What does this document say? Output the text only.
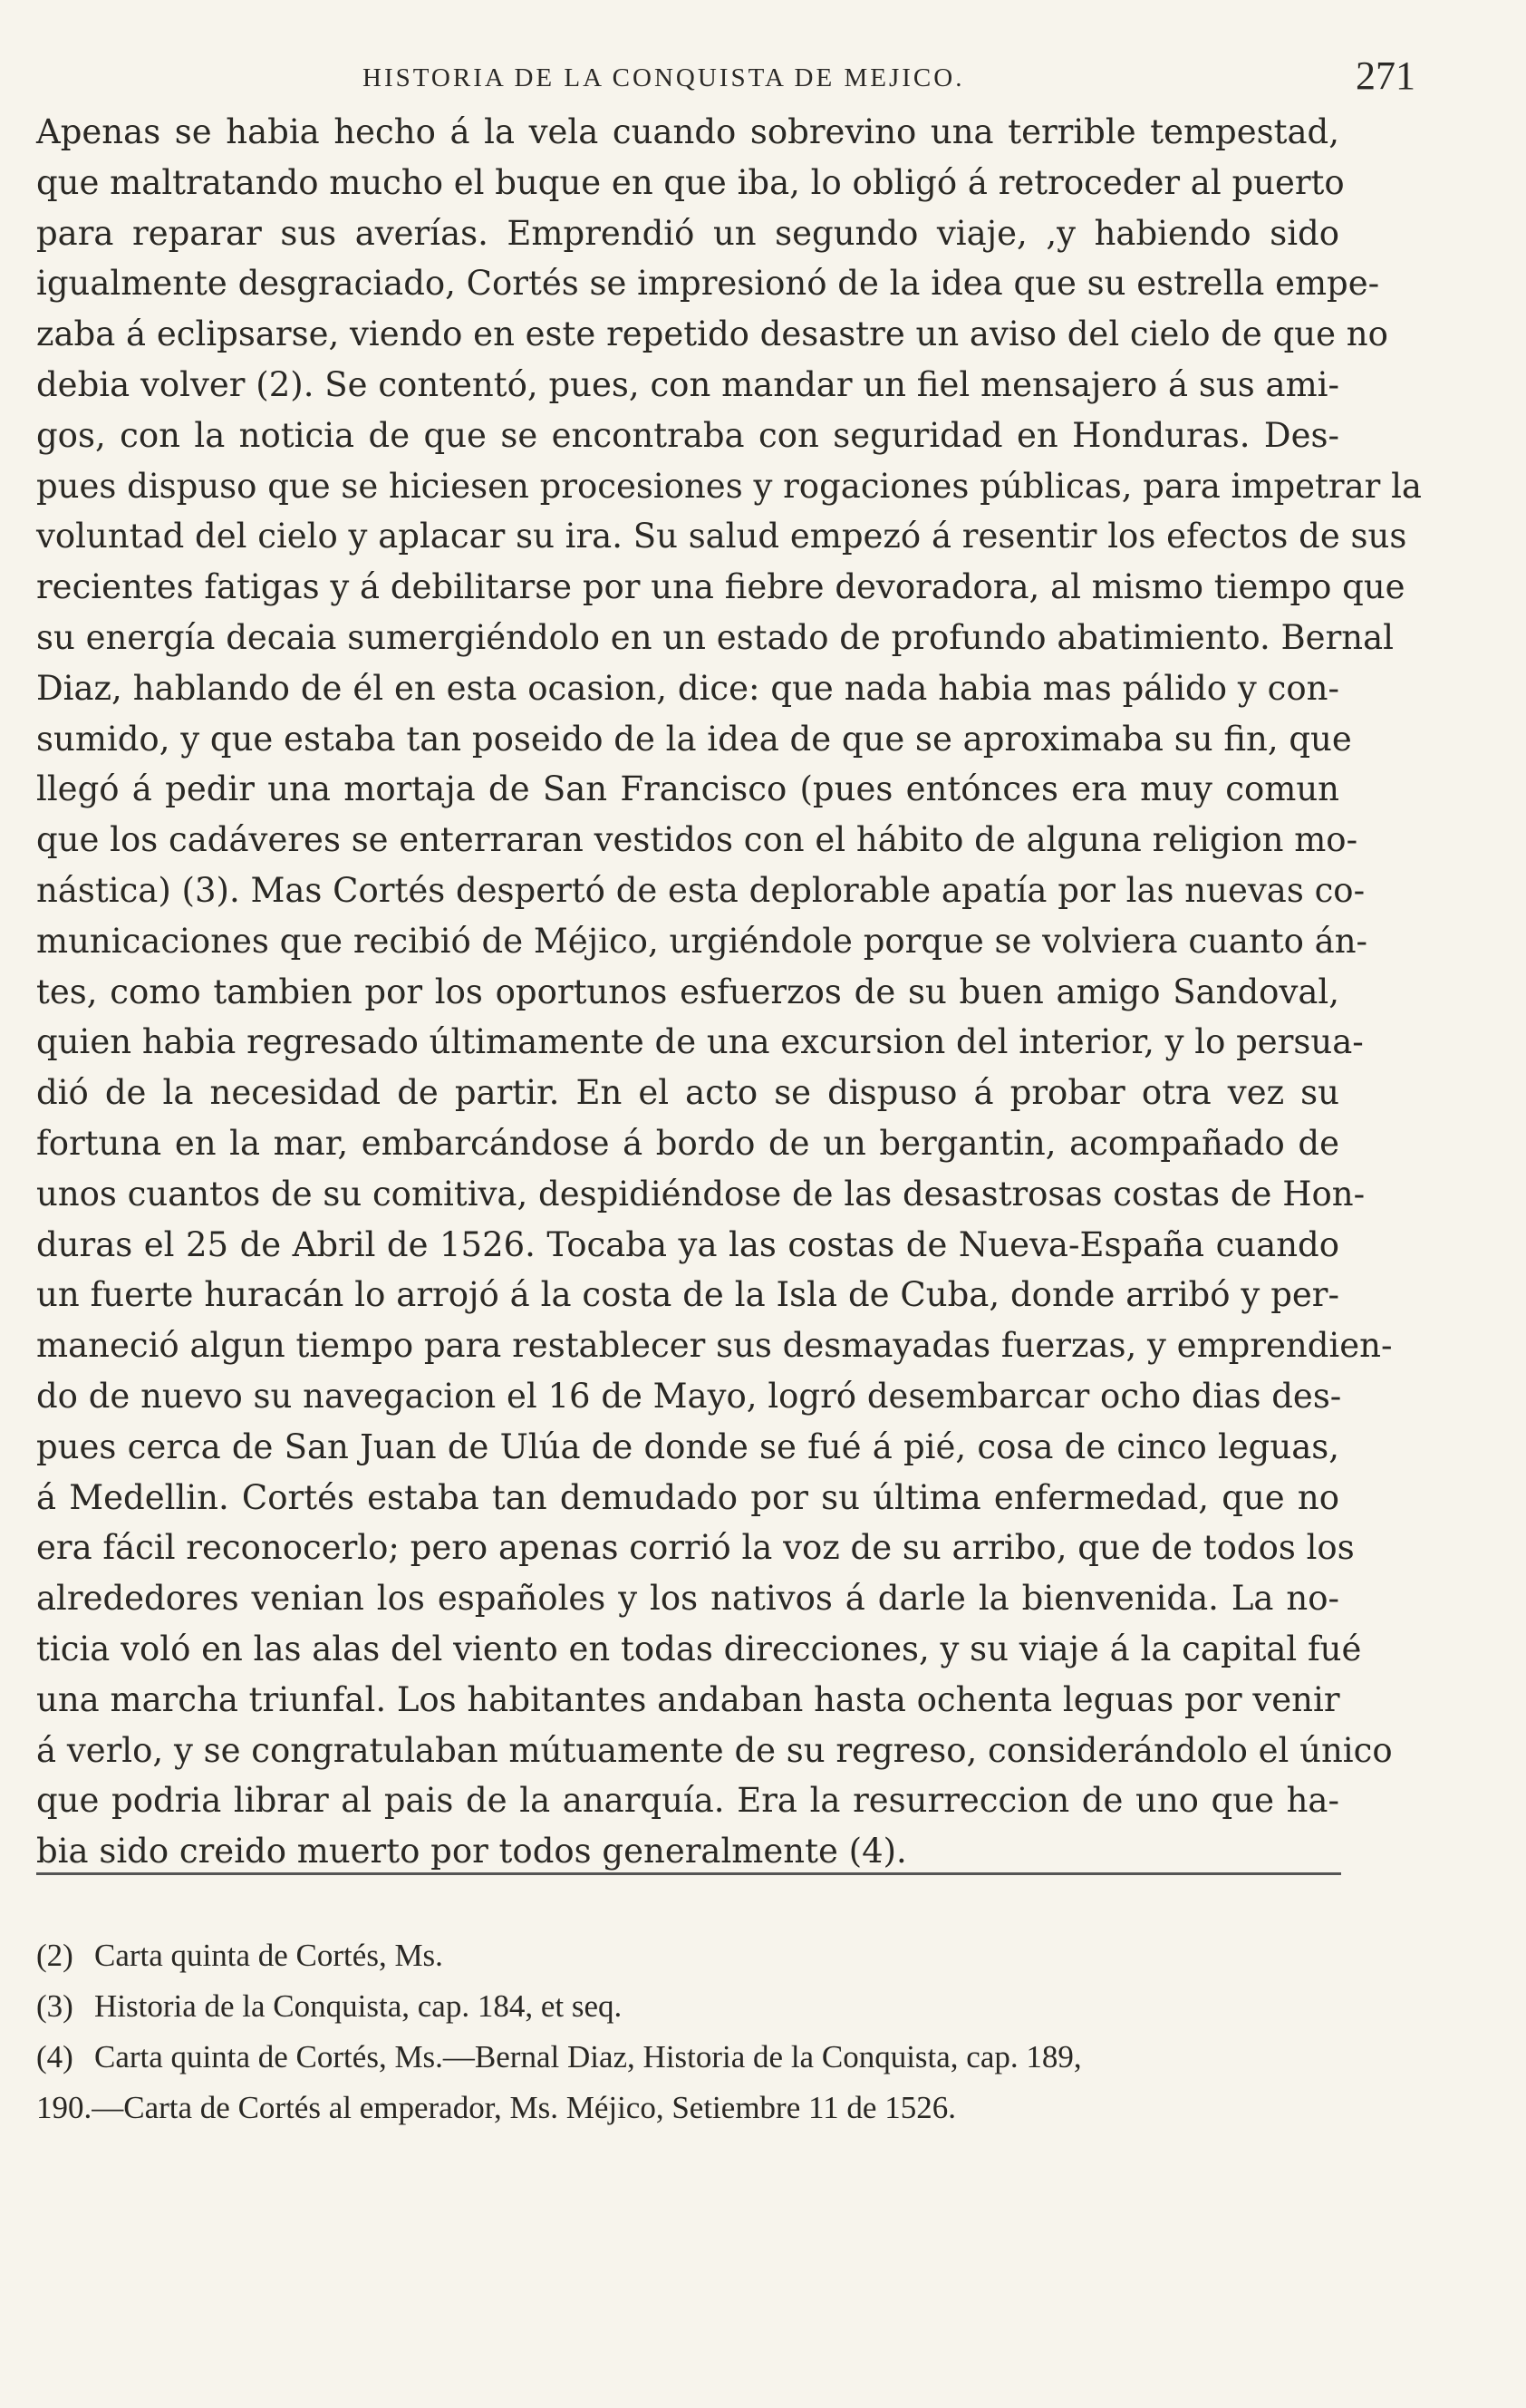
HISTORIA DE LA CONQUISTA DE MEJICO.	271
Apenas se habia hecho á la vela cuando sobrevino una terrible tempestad,
que maltratando mucho el buque en que iba, lo obligó á retroceder al puerto
para reparar sus averías. Emprendió un segundo viaje, ,y habiendo sido
igualmente desgraciado, Cortés se impresionó de la idea que su estrella empe-
zaba á eclipsarse, viendo en este repetido desastre un aviso del cielo de que no
debia volver (2). Se contentó, pues, con mandar un fiel mensajero á sus ami-
gos, con la noticia de que se encontraba con seguridad en Honduras. Des-
pues dispuso que se hiciesen procesiones y rogaciones públicas, para impetrar la
voluntad del cielo y aplacar su ira. Su salud empezó á resentir los efectos de sus
recientes fatigas y á debilitarse por una fiebre devoradora, al mismo tiempo que
su energía decaia sumergiéndolo en un estado de profundo abatimiento. Bernal
Diaz, hablando de él en esta ocasion, dice: que nada habia mas pálido y con-
sumido, y que estaba tan poseido de la idea de que se aproximaba su fin, que
llegó á pedir una mortaja de San Francisco (pues entónces era muy comun
que los cadáveres se enterraran vestidos con el hábito de alguna religion mo-
nástica) (3). Mas Cortés despertó de esta deplorable apatía por las nuevas co-
municaciones que recibió de Méjico, urgiéndole porque se volviera cuanto án-
tes, como tambien por los oportunos esfuerzos de su buen amigo Sandoval,
quien habia regresado últimamente de una excursion del interior, y lo persua-
dió de la necesidad de partir. En el acto se dispuso á probar otra vez su
fortuna en la mar, embarcándose á bordo de un bergantin, acompañado de
unos cuantos de su comitiva, despidiéndose de las desastrosas costas de Hon-
duras el 25 de Abril de 1526. Tocaba ya las costas de Nueva-España cuando
un fuerte huracán lo arrojó á la costa de la Isla de Cuba, donde arribó y per-
maneció algun tiempo para restablecer sus desmayadas fuerzas, y emprendien-
do de nuevo su navegacion el 16 de Mayo, logró desembarcar ocho dias des-
pues cerca de San Juan de Ulúa de donde se fué á pié, cosa de cinco leguas,
á Medellin. Cortés estaba tan demudado por su última enfermedad, que no
era fácil reconocerlo; pero apenas corrió la voz de su arribo, que de todos los
alrededores venian los españoles y los nativos á darle la bienvenida. La no-
ticia voló en las alas del viento en todas direcciones, y su viaje á la capital fué
una marcha triunfal. Los habitantes andaban hasta ochenta leguas por venir
á verlo, y se congratulaban mútuamente de su regreso, considerándolo el único
que podria librar al pais de la anarquía. Era la resurreccion de uno que ha-
bia sido creido muerto por todos generalmente (4).
(2) Carta quinta de Cortés, Ms.
(3) Historia de la Conquista, cap. 184, et seq.
(4) Carta quinta de Cortés, Ms.—Bernal Diaz, Historia de la Conquista, cap. 189,
190.—Carta de Cortés al emperador, Ms. Méjico, Setiembre 11 de 1526.
